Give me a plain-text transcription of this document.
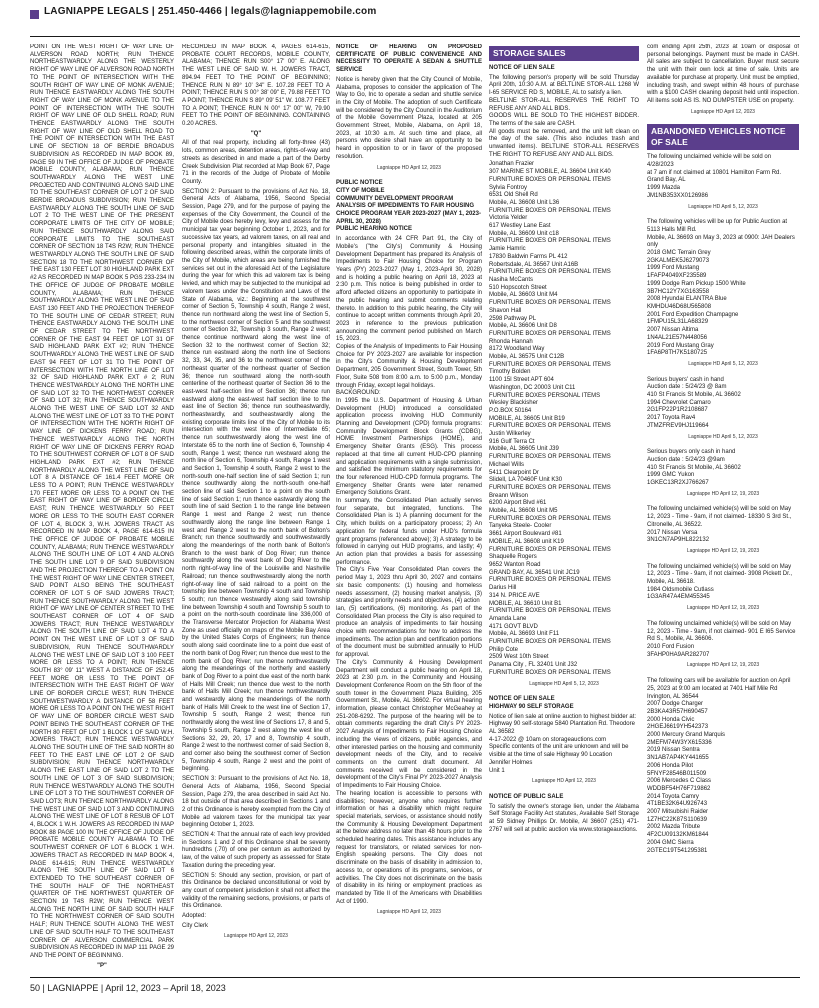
LAGNIAPPE LEGALS | 251.450-4466 | legals@lagniappemobile.com

POINT ON THE WEST RIGHT OF WAY LINE OF ALVERSON ROAD NORTH; RUN THENCE NORTHEASTWARDLY ALONG THE WESTERLY RIGHT OF WAY LINE OF ALVERSON ROAD NORTH TO THE POINT OF INTERSECTION WITH THE SOUTH RIGHT OF WAY LINE OF MONK AVENUE; RUN THENCE EASTWARDLY ALONG THE SOUTH RIGHT OF WAY LINE OF MONK AVENUE TO THE POINT OF INTERSECTION WITH THE SOUTH RIGHT OF WAY LINE OF OLD SHELL ROAD; RUN THENCE EASTWARDLY ALONG THE SOUTH RIGHT OF WAY LINE OF OLD SHELL ROAD TO THE POINT OF INTERSECTION WITH THE EAST LINE OF SECTION 18 OF BERDIE BROADUS SUBDIVISION AS RECORDED IN MAP BOOK 89, PAGE 59 IN THE OFFICE OF JUDGE OF PROBATE MOBILE COUNTY, ALABAMA; RUN THENCE SOUTHWARDLY ALONG THE WEST LINE PROJECTED AND CONTINUING ALONG SAID LINE TO THE SOUTHEAST CORNER OF LOT 2 OF SAID BERDIE BROADUS SUBDIVISION; RUN THENCE EASTWARDLY ALONG THE SOUTH LINE OF SAID LOT 2 TO THE WEST LINE OF THE PRESENT CORPORATE LIMITS OF THE CITY OF MOBILE; RUN THENCE SOUTHWARDLY ALONG SAID CORPORATE LIMITS TO THE SOUTHEAST CORNER OF SECTION 18 T4S R2W; RUN THENCE WESTWARDLY ALONG THE SOUTH LINE OF SAID SECTION 18 TO THE NORTHWEST CORNER OF THE EAST 130 FEET LOT 30 HIGHLAND PARK EXT #2 AS RECORDED IN MAP BOOK 5 PGS 233-234 IN THE OFFICE OF JUDGE OF PROBATE MOBILE COUNTY, ALABAMA; RUN THENCE SOUTHWARDLY ALONG THE WEST LINE OF SAID EAST 130 FEET AND THE PROJECTION THEREOF TO THE SOUTH LINE OF CEDAR STREET; RUN THENCE EASTWARDLY ALONG THE SOUTH LINE OF CEDAR STREET TO THE NORTHWEST CORNER OF THE EAST 94 FEET OF LOT 31 OF SAID HIGHLAND PARK EXT #2; RUN THENCE SOUTHWARDLY ALONG THE WEST LINE OF SAID EAST 94 FEET OF LOT 31 TO THE POINT OF INTERSECTION WITH THE NORTH LINE OF LOT 32 OF SAID HIGHLAND PARK EXT # 2; RUN THENCE WESTWARDLY ALONG THE NORTH LINE OF SAID LOT 32 TO THE NORTHWEST CORNER OF SAID LOT 32; RUN THENCE SOUTHWARDLY ALONG THE WEST LINE OF SAID LOT 32 AND ALONG THE WEST LINE OF LOT 33 TO THE POINT OF INTERSECTION WITH THE NORTH RIGHT OF WAY LINE OF DICKENS FERRY ROAD; RUN THENCE WESTWARDLY ALONG THE NORTH RIGHT OF WAY LINE OF DICKENS FERRY ROAD TO THE SOUTHWEST CORNER OF LOT 8 OF SAID HIGHLAND PARK EXT #2; RUN THENCE NORTHWARDLY ALONG THE WEST LINE OF SAID LOT 8 A DISTANCE OF 161.4 FEET MORE OR LESS TO A POINT; RUN THENCE WESTWARDLY 170 FEET MORE OR LESS TO A POINT ON THE EAST RIGHT OF WAY LINE OF BORDER CIRCLE EAST; RUN THENCE WESTWARDLY 50 FEET MORE OR LESS TO THE SOUTH EAST CORNER OF LOT 4, BLOCK 3, W.H. JOWERS TRACT AS RECORDED IN MAP BOOK 4, PAGE 614-615 IN THE OFFICE OF JUDGE OF PROBATE MOBILE COUNTY, ALABAMA; RUN THENCE WESTWARDLY ALONG THE SOUTH LINE OF LOT 4 AND ALONG THE SOUTH LINE LOT 9 OF SAID SUBDIVISION AND THE PROJECTION THEREOF TO A POINT ON THE WEST RIGHT OF WAY LINE CENTER STREET, SAID POINT ALSO BEING THE SOUTHEAST CORNER OF LOT 5 OF SAID JOWERS TRACT; RUN THENCE SOUTHWARDLY ALONG THE WEST RIGHT OF WAY LINE OF CENTER STREET TO THE SOUTHEAST CORNER OF LOT 4 OF SAID JOWERS TRACT; RUN THENCE WESTWARDLY ALONG THE SOUTH LINE OF SAID LOT 4 TO A POINT ON THE WEST LINE OF LOT 3 OF SAID SUBDIVISION, RUN THENCE SOUTHWARDLY ALONG THE WEST LINE OF SAID LOT 3 100 FEET MORE OR LESS TO A POINT; RUN THENCE SOUTH 83° 09' 11" WEST A DISTANCE OF 252.45 FEET MORE OR LESS TO THE POINT OF INTERSECTION WITH THE EAST RIGHT OF WAY LINE OF BORDER CIRCLE WEST; RUN THENCE SOUTHWESTWARDLY A DISTANCE OF 58 FEET MORE OR LESS TO A POINT ON THE WEST RIGHT OF WAY LINE OF BORDER CIRCLE WEST SAID POINT BEING THE SOUTHEAST CORNER OF THE NORTH 80 FEET OF LOT 1 BLOCK 1 OF SAID W.H. JOWERS TRACT; RUN THENCE WESTWARDLY ALONG THE SOUTH LINE OF THE SAID NORTH 80 FEET TO THE EAST LINE OF LOT 2 OF SAID SUBDIVISION; RUN THENCE NORTHWARDLY ALONG THE EAST LINE OF SAID LOT 2 TO THE SOUTH LINE OF LOT 3 OF SAID SUBDIVISION; RUN THENCE WESTWARDLY ALONG THE SOUTH LINE OF LOT 3 TO THE SOUTHWEST CORNER OF SAID LOT3; RUN THENCE NORTHWARDLY ALONG THE WEST LINE OF SAID LOT 3 AND CONTINUING ALONG THE WEST LINE OF LOT 8 RESUB OF LOT 4, BLOCK 1 W.H. JOWERS AS RECORDED IN MAP BOOK 88 PAGE 100 IN THE OFFICE OF JUDGE OF PROBATE MOBILE COUNTY ALABAMA TO THE SOUTHWEST CORNER OF LOT 6 BLOCK 1 W.H. JOWERS TRACT AS RECORDED IN MAP BOOK 4, PAGE 614-615; RUN THENCE WESTWARDLY ALONG THE SOUTH LINE OF SAID LOT 6 EXTENDED TO THE SOUTHEAST CORNER OF THE SOUTH HALF OF THE NORTHEAST QUARTER OF THE NORTHWEST QUARTER OF SECTION 19 T4S R2W; RUN THENCE WEST ALONG THE NORTH LINE OF SAID SOUTH HALF TO THE NORTHWEST CORNER OF SAID SOUTH HALF; RUN THENCE SOUTH ALONG THE WEST LINE OF SAID SOUTH HALF TO THE SOUTHEAST CORNER OF ALVERSON COMMERCIAL PARK SUBDIVISION AS RECORDED IN MAP 111 PAGE 29 AND THE POINT OF BEGINNING.

"P"

RECORDED IN MAP BOOK 4, PAGES 614-615, PROBATE COURT RECORDS, MOBILE COUNTY, ALABAMA; THENCE RUN S00° 17' 00" E. ALONG THE WEST LINE OF SAID W. H. JOWERS TRACT, 894.94 FEET TO THE POINT OF BEGINNING; THENCE RUN N 89° 10' 34" E. 107.28 FEET TO A POINT; THENCE RUN S 00° 38' 09" E, 79.88 FEET TO A POINT; THENCE RUN S 89° 09' 51" W. 108.77 FEET TO A POINT; THENCE RUN N 00° 17' 00" W, 79.90 FEET TO THE POINT OF BEGINNING. CONTAINING 0.20 ACRES.

"Q"

All of that real property, including all forty-three (43) lots, common areas, detention areas, rights-of-way and streets as described in and made a part of the Derby Creek Subdivision Plat recorded at Map Book 67, Page 71 in the records of the Judge of Probate of Mobile County.

SECTION 2: Pursuant to the provisions of Act No. 18, General Acts of Alabama, 1956, Second Special Session, Page 279, and for the purpose of paying the expenses of the City Government, the Council of the City of Mobile does hereby levy, levy and assess for the municipal tax year beginning October 1, 2023, and for successive tax years, ad valorem taxes, on all real and personal property and intangibles situated in the following described areas, within the corporate limits of the City of Mobile, which areas are being furnished the services set out in the aforesaid Act of the Legislature during the year for which this ad valorem tax is being levied, and which may be subjected to the municipal ad valorem taxes under the Constitution and Laws of the State of Alabama, viz.: Beginning at the southwest corner of Section 5, Township 4 south, Range 2 west, thence run northward along the west line of Section 5, to the northwest corner of Section 5 and the southwest corner of Section 32, Township 3 south, Range 2 west; thence continue northward along the west line of Section 32 to the northwest corner of Section 32; thence run eastward along the north line of Sections 32, 33, 34, 35, and 36 to the northwest corner of the northeast quarter of the northeast quarter of Section 36; thence run southward along the north-south centerline of the northeast quarter of Section 36 to the east-west half-section line of Section 36; thence run eastward along the east-west half section line to the east line of Section 36; thence run southeastwardly, northeastwardly, and southeastwardly along the existing corporate limits line of the City of Mobile to its intersection with the west line of Intermediate 65; thence run southwestwardly along the west line of Interstate 65 to the north line of Section 6, Township 4 south, Range 1 west; thence run westward along the north line of Section 6, Township 4 south, Range 1 west and Section 1, Township 4 south, Range 2 west to the north-south one-half section line of said Section 1; run thence southwardly along the north-south one-half section line of said Section 1 to a point on the south line of said Section 1; run thence eastwardly along the south line of said Section 1 to the range line between Range 1 west and Range 2 west; run thence southwardly along the range line between Range 1 west and Range 2 west to the north bank of Bolton's Branch; run thence southwardly and southwestwardly along the meanderings of the north bank of Bolton's Branch to the west bank of Dog River; run thence southwardly along the west bank of Dog River to the north right-of-way line of the Louisville and Nashville Railroad; run thence southwestwardly along the north right-of-way line of said railroad to a point on the township line between Township 4 south and Township 5 south; run thence westwardly along said township line between Township 4 south and Township 5 south to a point on the north-south coordinate line 336,000 of the Transverse Mercator Projection for Alabama West Zone as used officially on maps of the Mobile Bay Area by the United States Corps of Engineers; run thence south along said coordinate line to a point due east of the north bank of Dog River; run thence due west to the north bank of Dog River; run thence northwestwardly along the meanderings of the northerly and easterly bank of Dog River to a point due east of the north bank of Halls Mill Creek; run thence due west to the north bank of Halls Mill Creek; run thence northwestwardly and westwardly along the meanderings of the north bank of Halls Mill Creek to the west line of Section 17, Township 5 south, Range 2 west; thence run northwardly along the west line of Sections 17, 8 and 5, Township 5 south, Range 2 west along the west line of Sections 32, 29, 20, 17 and 8, Township 4 south, Range 2 west to the northwest corner of said Section 8, and corner also being the southwest corner of Section 5, Township 4 south, Range 2 west and the point of beginning.

SECTION 3: Pursuant to the provisions of Act No. 18, General Acts of Alabama, 1956, Second Special Session, Page 279, the area described in said Act No. 18 but outside of that area described in Sections 1 and 2 of this Ordinance is hereby exempted from the City of Mobile ad valorem taxes for the municipal tax year beginning October 1, 2023.

SECTION 4: That the annual rate of each levy provided in Sections 1 and 2 of this Ordinance shall be seventy hundredths (.70) of one per centum as authorized by law, of the value of such property as assessed for State Taxation during the preceding year.

SECTION 5: Should any section, provision, or part of this Ordinance be declared unconstitutional or void by any court of competent jurisdiction it shall not affect the validity of the remaining sections, provisions, or parts of this Ordinance.

Adopted:

City Clerk

Lagniappe HD April 12, 2023

NOTICE OF HEARING ON PROPOSED CERTIFICATE OF PUBLIC CONVENIENCE AND NECESSITY TO OPERATE A SEDAN & SHUTTLE SERVICE

Notice is hereby given that the City Council of Mobile, Alabama, proposes to consider the application of The Way to Go, Inc to operate a sedan and shuttle service in the City of Mobile. The adoption of such Certificate will be considered by the City Council in the Auditorium of the Mobile Government Plaza, located at 205 Government Street, Mobile, Alabama, on April 18, 2023, at 10:30 a.m. At such time and place, all persons who desire shall have an opportunity to be heard in opposition to or in favor of the proposed resolution.

Lagniappe HD April 12, 2023

PUBLIC NOTICE
CITY OF MOBILE
COMMUNITY DEVELOPMENT PROGRAM
ANALYSIS OF IMPEDIMENTS TO FAIR HOUSING CHOICE PROGRAM YEAR 2023-2027 (MAY 1, 2023-APRIL 30, 2028)
PUBLIC HEARING NOTICE

In accordance with 24 CFR Part 91, the City of Mobile's ("the City's) Community & Housing Development Department has prepared its Analysis of Impediments to Fair Housing Choice for Program Years (PY) 2023-2027 (May 1, 2023-April 30, 2028) and is holding a public hearing on April 18, 2023 at 2:30 p.m. This notice is being published in order to afford affected citizens an opportunity to participate in the public hearing and submit comments relating thereto. In addition to this public hearing, the City will continue to accept written comments through April 20, 2023 in reference to the previous publication announcing the comment period published on March 15, 2023.
Copies of the Analysis of Impediments to Fair Housing Choice for PY 2023-2027 are available for inspection in the City's Community & Housing Development Department, 205 Government Street, South Tower, 5th Floor, Suite 508 from 8:00 a.m. to 5:00 p.m., Monday through Friday, except legal holidays.
BACKGROUND:
In 1995 the U.S. Department of Housing & Urban Development (HUD) introduced a consolidated application process involving HUD Community Planning and Development (CPD) formula programs: Community Development Block Grants (CDBG), HOME Investment Partnerships (HOME), and Emergency Shelter Grants (ESG). This process replaced at that time all current HUD-CPD planning and application requirements with a single submission, and satisfied the minimum statutory requirements for the four referenced HUD-CPD formula programs. The Emergency Shelter Grants were later renamed Emergency Solutions Grant.
In summary, the Consolidated Plan actually serves four separate, but integrated, functions. The Consolidated Plan is 1) A planning document for the City, which builds on a participatory process; 2) An application for federal funds under HUD's formula grant programs (referenced above); 3) A strategy to be followed in carrying out HUD programs, and lastly; 4) An action plan that provides a basis for assessing performance.
The City's Five Year Consolidated Plan covers the period May 1, 2023 thru April 30, 2027 and contains six basic components: (1) housing and homeless needs assessment, (2) housing market analysis, (3) strategies and priority needs and objectives, (4) action
lan, (5) certifications, (6) monitoring. As part of the Consolidated Plan process the City is also required to produce an analysis of impediments to fair housing choice with recommendations for how to address the impediments. The action plan and certification portions of the document must be submitted annually to HUD for approval.
The City's Community & Housing Development Department will conduct a public hearing on April 18, 2023 at 2:30 p.m. in the Community and Housing Development Conference Room on the 5th floor of the south tower in the Government Plaza Building, 205 Government St., Mobile, AL 36602. For virtual hearing information, please contact Christopher McGeahey at 251-208-6292. The purpose of the hearing will be to obtain comments regarding the draft City's PY 2023-2027 Analysis of Impediments to Fair Housing Choice including the views of citizens, public agencies, and other interested parties on the housing and community development needs of the City, and to receive comments on the current draft document. All comments received will be considered in the development of the City's Final PY 2023-2027 Analysis of Impediments to Fair Housing Choice.
The hearing location is accessible to persons with disabilities; however, anyone who requires further information or has a disability which might require special materials, services, or assistance should notify the Community & Housing Development Department at the below address no later than 48 hours prior to the scheduled hearing dates. This assistance includes any request for translators, or related services for non-English speaking persons. The City does not discriminate on the basis of disability in admission to, access to, or operations of its programs, services, or activities. The City does not discriminate on the basis of disability in its hiring or employment practices as mandated by Title II of the Americans with Disabilities Act of 1990.

Lagniappe HD April 12, 2023
STORAGE SALES

NOTICE OF LIEN SALE

The following person's property will be sold Thursday April 20th, 10:30 A.M. at BELTLINE STOR-ALL 1268 W I-65 SERVICE RD S, MOBILE, AL to satisfy a lien.
BELTLINE STOR-ALL RESERVES THE RIGHT TO REFUSE ANY AND ALL BIDS.
GOODS WILL BE SOLD TO THE HIGHEST BIDDER. The terms of the sale are CASH.
All goods must be removed, and the unit left clean on the day of the sale. (This also includes trash and unwanted items). BELTLINE STOR-ALL RESERVES THE RIGHT TO REFUSE ANY AND ALL BIDS.

Jonathan Frazier
307 MARINE ST MOBILE, AL 36604 Unit K40
FURNITURE BOXES OR PERSONAL ITEMS
Sylvia Fontroy
6531 Old Shell Rd
Mobile, AL 36608 Unit L36
FURNITURE BOXES OR PERSONAL ITEMS
Victoria Yelder
617 Westley Lane East
Mobile, AL 36609 Unit c18
FURNITURE BOXES OR PERSONAL ITEMS
Jamie Hamric
17830 Baldwin Farms PL 412
Robertsdale, AL 36567 Unit A16B
FURNITURE BOXES OR PERSONAL ITEMS
Nasiha McCants
510 Hopscotch Street
Mobile, AL 36603 Unit M4
FURNITURE BOXES OR PERSONAL ITEMS
Shavon Hall
2598 Pathway PL
Mobile, AL 36606 Unit D8
FURNITURE BOXES OR PERSONAL ITEMS
Rhonda Hannah
8172 Woodland Way
Mobile, AL 36575 Unit C12B
FURNITURE BOXES OR PERSONAL ITEMS
Timothy Bolden
1100 15l Street APT 604
Washington, DC 20003 Unit C11
FURNITURE BOXES PERSONAL ITEMS
Wesley Blackisher
P.O.BOX 50164
MOBILE, AL 36605 Unit B19
FURNITURE BOXES OR PERSONAL ITEMS
Justin Wilkerley
916 Gulf Terra Ct
Mobile, AL 36605 Unit J39
FURNITURE BOXES OR PERSONAL ITEMS
Michael Wills
5411 Clearpoint Dr
Slidell, LA 70460F Unit K30
FURNITURE BOXES OR PERSONAL ITEMS
Breann Wilson
6200 Airport Blvd #61
Mobile, AL 36608 Unit M5
FURNITURE BOXES OR PERSONAL ITEMS
Tanyeka Steele- Cooler
3661 Airport Boulevard #81
MOBILE, AL 36608 unit K19
FURNITURE BOXES OR PERSONAL ITEMS
Shaquelle Rogers
9652 Wanton Road
GRAND BAY, AL 36541 Unit JC19
FURNITURE BOXES OR PERSONAL ITEMS
Darius Hill
314 N. PRICE AVE
MOBILE, AL 36610 Unit B1
FURNITURE BOXES OR PERSONAL ITEMS
Amanda Lane
4171 GOVT BLVD
Mobile, AL 36693 Unit F11
FURNITURE BOXES OR PERSONAL ITEMS
Philip Cote
2509 West 10th Street
Panama City , FL 32401 Unit J32
FURNITURE BOXES OR PERSONAL ITEMS

Lagniappe HD April 5, 12, 2023

NOTICE OF LIEN SALE
HIGHWAY 90 SELF STORAGE

Notice of lien sale at online auction to highest bidder at: Highway 90 self-storage 5840 Plantation Rd. Theodore AL 36582
4-17-2022 @ 10am on storageauctions.com
Specific contents of the unit are unknown and will be visible at the time of sale Highway 90 Location
Jennifer Holmes
Unit 1

Lagniappe HD April 12, 2023

NOTICE OF PUBLIC SALE

To satisfy the owner's storage lien, under the Alabama Self Storage Facility Act statutes, Available Self Storage at 59 Sidney Phillips Dr. Mobile, Al 36607 (251) 471-2767 will sell at public auction via www.storageauctions.

com ending April 25th, 2023 at 10am or disposal of personal belongings. Payment must be made in CASH. All sales are subject to cancellation. Buyer must secure the unit with their own lock at time of sale. Units are available for purchase at property. Unit must be emptied, including trash, and swept within 48 hours of purchase with a $100 CASH cleaning deposit held until inspection. All items sold AS IS. NO DUMPSTER USE on property.

Lagniappe HD April 12, 2023
ABANDONED VEHICLES NOTICE OF SALE

The following unclaimed vehicle will be sold on 4/28/2023
at 7 am if not claimed at 10801 Hamilton Farm Rd. Grand Bay, AL
1999 Mazda
JM1NB353XX0126986

Lagniappe HD April 5, 12, 2023

The following vehicles will be up for Public Auction at 5113 Halls Mill Rd.
Mobile, AL 36693 on May 3, 2023 at 0900: JAH Dealers only
2018 GMC Terrain Grey
2GKALMEK5J6279073
1999 Ford Mustang
1FAFP4049XF235589
1999 Dodge Ram Pickup 1500 White
3B7HC12Y7XG163558
2008 Hyundai ELANTRA Blue
KMHDU46D68U565808
2001 Ford Expedition Champagne
1FMPU15L31LA68329
2007 Nissan Altima
1N4AL21E57N448056
2019 Ford Mustang Gray
1FA6P8TH7K5180725

Lagniappe HD April 5, 12, 2023

Serious buyers' cash in hand
Auction date : 5/24/23 @ 8am
410 St Francis St Mobile, AL 36602
1994 Chevrolet Camaro
2G1FP22P1R2108687
2017 Toyota Rav4
JTMZFREV9HJ119664

Lagniappe HD April 5, 12, 2023

Serious buyers only cash in hand
Auction date : 5/24/23 @9am
410 St Francis St Mobile, AL 36602
1999 GMC Yukon
1GKEC13R2XJ766267

Lagniappe HD April 12, 19, 2023

The following unclaimed vehicle(s) will be sold on May 12, 2023 - Time - 9am, if not claimed- 18330 S 3rd St., Citronelle, AL 36522.
2017 Nissan Versa
3N1CN7AP9HL822132

Lagniappe HD April 12, 19, 2023

The following unclaimed vehicle(s) will be sold on May 12, 2023 - Time - 9am, if not claimed- 3908 Pickett Dr., Mobile, AL 36618.
1984 Oldsmobile Cutlass
1G3AR47A4EM455345

Lagniappe HD April 12, 19, 2023

The following unclaimed vehicle(s) will be sold on May 12, 2023 - Time - 9am, if not claimed- 901 E I65 Service Rd S., Mobile, AL 36606.
2010 Ford Fusion
3FAHP0HA9AR282707

Lagniappe HD April 12, 19, 2023

The following cars will be available for auction on April 25, 2023 at 9:00 am located at 7401 Half Mile Rd Irvington, AL 36544
2007 Dodge Charger
2B3KA43R57H690457
2000 Honda Civic
2HGEJ6619YH542373
2000 Mercury Grand Marquis
2MEFM74W3YX615336
2019 Nissan Sentra
3N1AB7AP4KY441655
2006 Honda Pilot
5FNYF28546B011509
2006 Mercedes C Class
WDDBF54H76F719862
2014 Toyota Camry
4T1BE32K64U926743
2007 Mitsubishi Raider
1Z7HC22K87S110639
2002 Mazda Tribute
4F2CU09132KM61844
2004 GMC Sierra
2GTEC19T541295381

50 | LAGNIAPPE | April 12, 2023 – April 18, 2023
